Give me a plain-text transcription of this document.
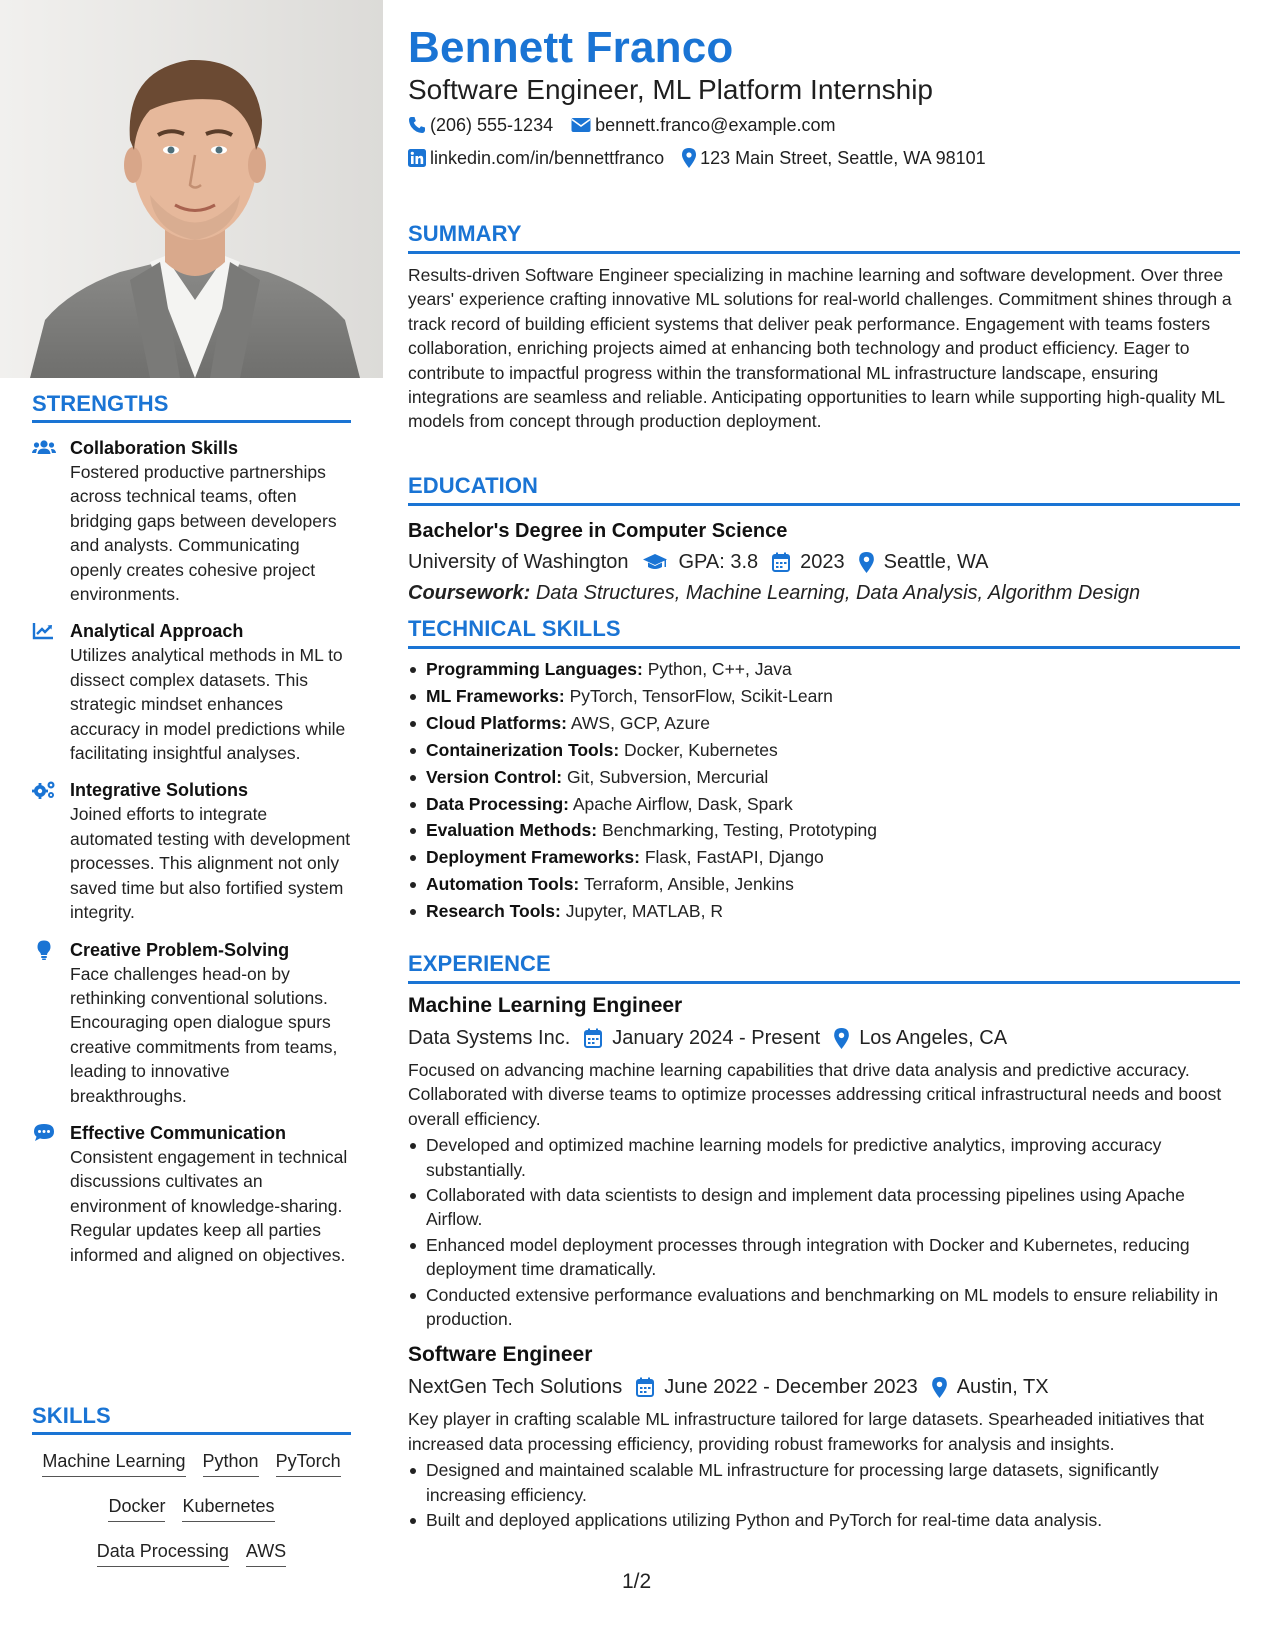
STRENGTHS
Collaboration Skills
Fostered productive partnerships across technical teams, often bridging gaps between developers and analysts. Communicating openly creates cohesive project environments.
Analytical Approach
Utilizes analytical methods in ML to dissect complex datasets. This strategic mindset enhances accuracy in model predictions while facilitating insightful analyses.
Integrative Solutions
Joined efforts to integrate automated testing with development processes. This alignment not only saved time but also fortified system integrity.
Creative Problem-Solving
Face challenges head-on by rethinking conventional solutions. Encouraging open dialogue spurs creative commitments from teams, leading to innovative breakthroughs.
Effective Communication
Consistent engagement in technical discussions cultivates an environment of knowledge-sharing. Regular updates keep all parties informed and aligned on objectives.
SKILLS
Machine Learning Python PyTorch
Docker Kubernetes
Data Processing AWS
Bennett Franco
Software Engineer, ML Platform Internship
(206) 555-1234 bennett.franco@example.com
linkedin.com/in/bennettfranco 123 Main Street, Seattle, WA 98101
SUMMARY
Results-driven Software Engineer specializing in machine learning and software development. Over three years' experience crafting innovative ML solutions for real-world challenges. Commitment shines through a track record of building efficient systems that deliver peak performance. Engagement with teams fosters collaboration, enriching projects aimed at enhancing both technology and product efficiency. Eager to contribute to impactful progress within the transformational ML infrastructure landscape, ensuring integrations are seamless and reliable. Anticipating opportunities to learn while supporting high-quality ML models from concept through production deployment.
EDUCATION
Bachelor's Degree in Computer Science
University of Washington	GPA: 3.8 2023 Seattle, WA
Coursework: Data Structures, Machine Learning, Data Analysis, Algorithm Design
TECHNICAL SKILLS
Programming Languages: Python, C++, Java
ML Frameworks: PyTorch, TensorFlow, Scikit-Learn
Cloud Platforms: AWS, GCP, Azure
Containerization Tools: Docker, Kubernetes
Version Control: Git, Subversion, Mercurial
Data Processing: Apache Airflow, Dask, Spark
Evaluation Methods: Benchmarking, Testing, Prototyping
Deployment Frameworks: Flask, FastAPI, Django
Automation Tools: Terraform, Ansible, Jenkins
Research Tools: Jupyter, MATLAB, R
EXPERIENCE
Machine Learning Engineer
Data Systems Inc. January 2024 - Present Los Angeles, CA
Focused on advancing machine learning capabilities that drive data analysis and predictive accuracy. Collaborated with diverse teams to optimize processes addressing critical infrastructural needs and boost overall efficiency.
Developed and optimized machine learning models for predictive analytics, improving accuracy substantially.
Collaborated with data scientists to design and implement data processing pipelines using Apache Airflow.
Enhanced model deployment processes through integration with Docker and Kubernetes, reducing deployment time dramatically.
Conducted extensive performance evaluations and benchmarking on ML models to ensure reliability in production.
Software Engineer
NextGen Tech Solutions June 2022 - December 2023 Austin, TX
Key player in crafting scalable ML infrastructure tailored for large datasets. Spearheaded initiatives that increased data processing efficiency, providing robust frameworks for analysis and insights.
Designed and maintained scalable ML infrastructure for processing large datasets, significantly increasing efficiency.
Built and deployed applications utilizing Python and PyTorch for real-time data analysis.
1/2
